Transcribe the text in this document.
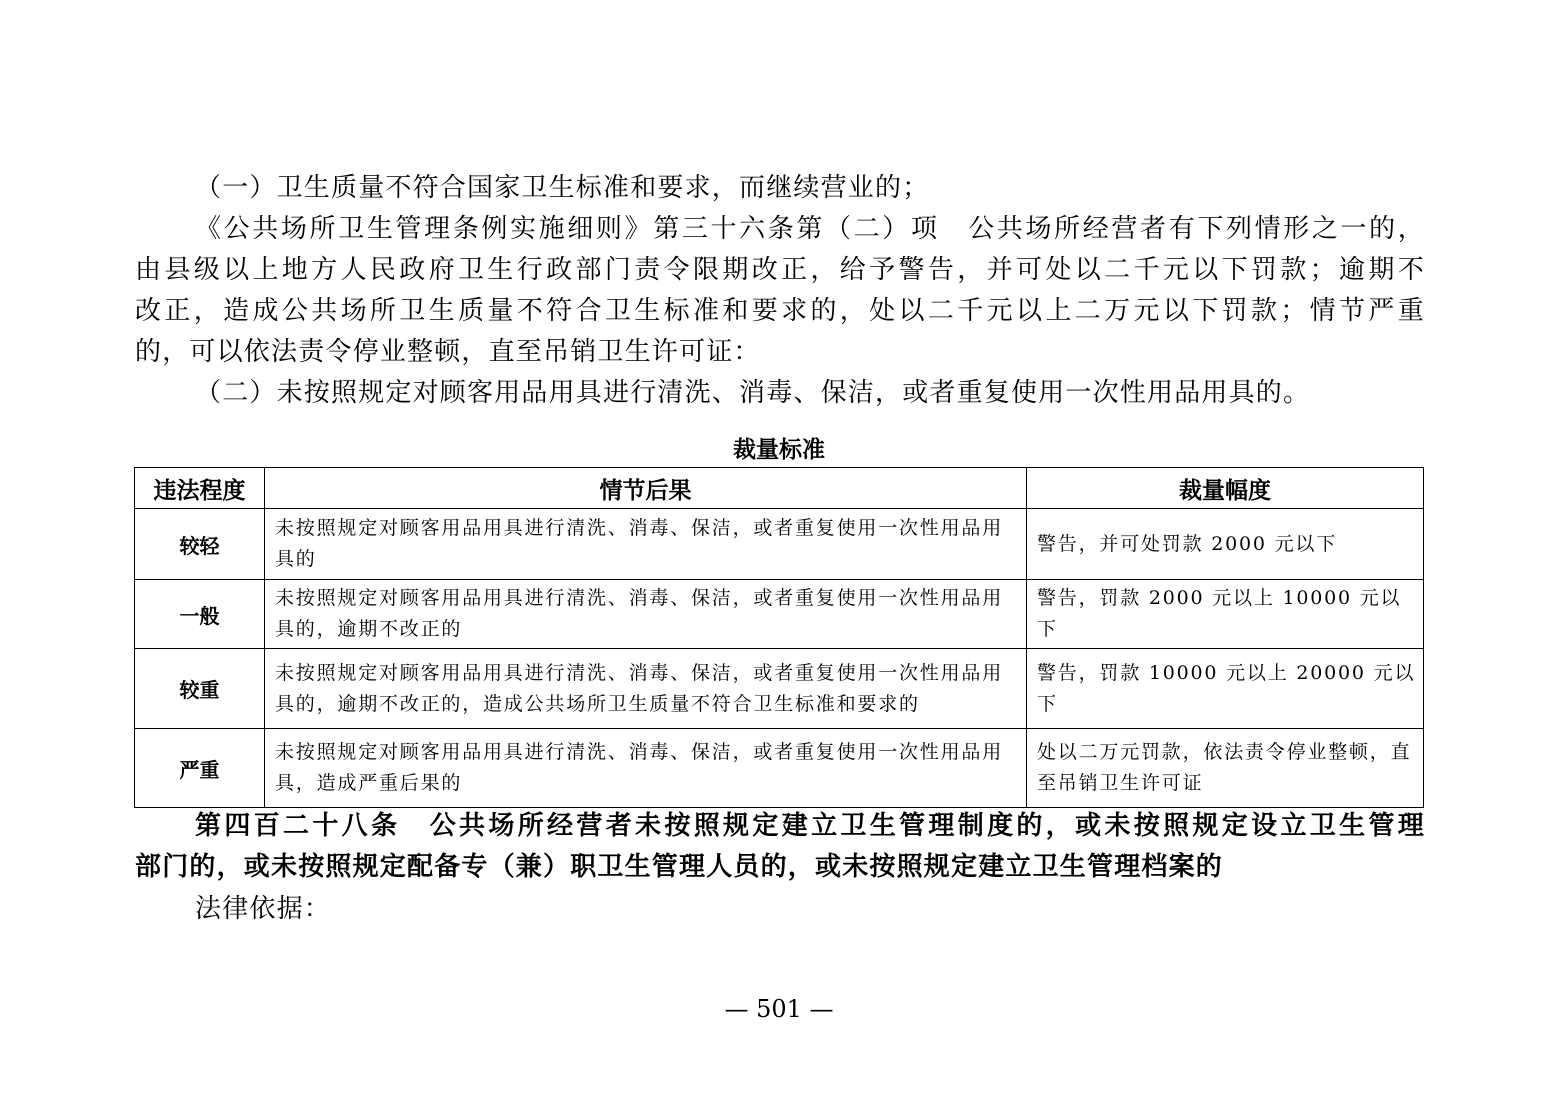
（一）卫生质量不符合国家卫生标准和要求，而继续营业的；
《公共场所卫生管理条例实施细则》第三十六条第（二）项　公共场所经营者有下列情形之一的，
由县级以上地方人民政府卫生行政部门责令限期改正，给予警告，并可处以二千元以下罚款；逾期不
改正，造成公共场所卫生质量不符合卫生标准和要求的，处以二千元以上二万元以下罚款；情节严重
的，可以依法责令停业整顿，直至吊销卫生许可证：
（二）未按照规定对顾客用品用具进行清洗、消毒、保洁，或者重复使用一次性用品用具的。
裁量标准
违法程度	情节后果	裁量幅度
较轻	未按照规定对顾客用品用具进行清洗、消毒、保洁，或者重复使用一次性用品用具的	警告，并可处罚款 2000 元以下
一般	未按照规定对顾客用品用具进行清洗、消毒、保洁，或者重复使用一次性用品用具的，逾期不改正的	警告，罚款 2000 元以上 10000 元以下
较重	未按照规定对顾客用品用具进行清洗、消毒、保洁，或者重复使用一次性用品用具的，逾期不改正的，造成公共场所卫生质量不符合卫生标准和要求的	警告，罚款 10000 元以上 20000 元以下
严重	未按照规定对顾客用品用具进行清洗、消毒、保洁，或者重复使用一次性用品用具，造成严重后果的	处以二万元罚款，依法责令停业整顿，直至吊销卫生许可证
第四百二十八条　公共场所经营者未按照规定建立卫生管理制度的，或未按照规定设立卫生管理
部门的，或未按照规定配备专（兼）职卫生管理人员的，或未按照规定建立卫生管理档案的
法律依据：
— 501 —
